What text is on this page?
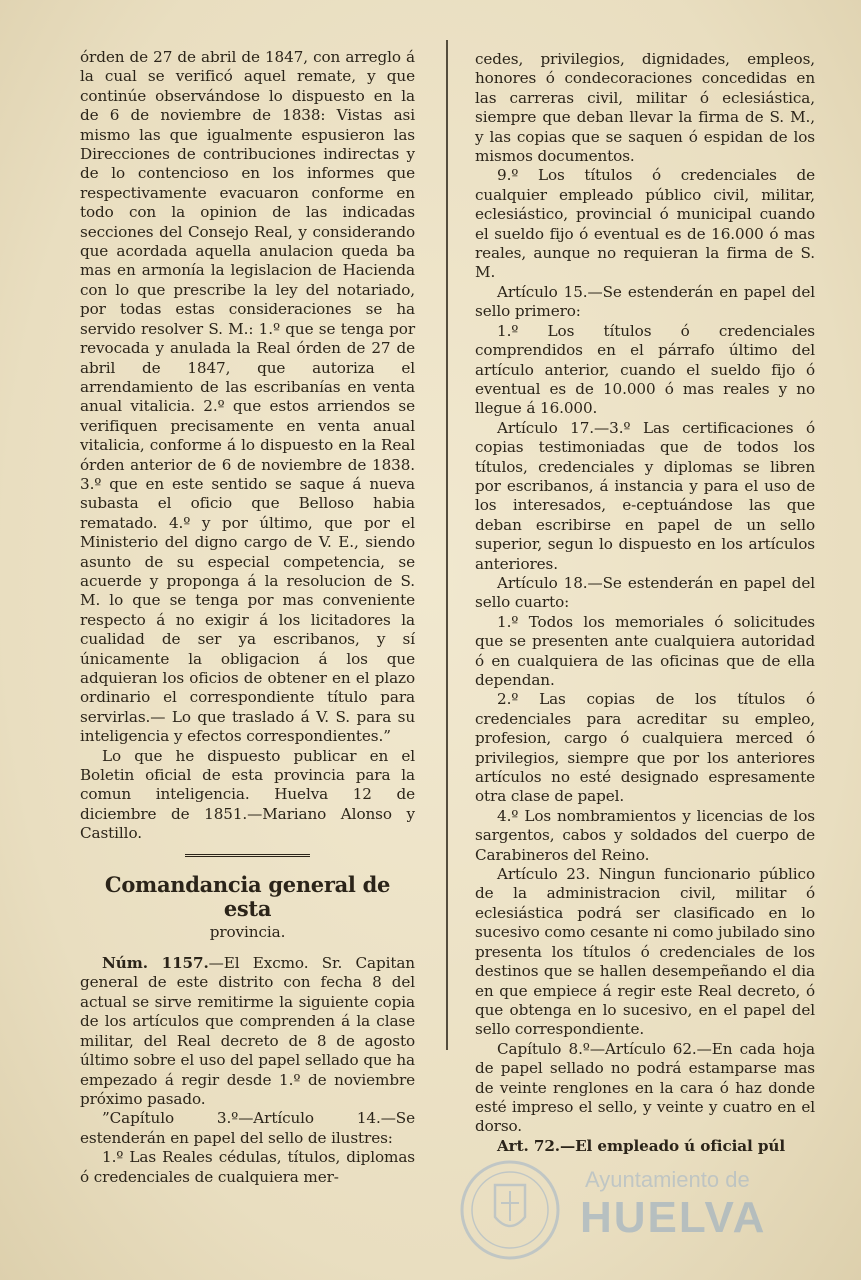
órden de 27 de abril de 1847, con arreglo á la cual se verificó aquel remate, y que continúe observándose lo dispuesto en la de 6 de noviembre de 1838: Vistas asi mismo las que igualmente espusieron las Direcciones de contribuciones indirectas y de lo contencioso en los informes que respectivamente evacuaron conforme en todo con la opinion de las indicadas secciones del Consejo Real, y considerando que acordada aquella anulacion queda ba mas en armonía la legislacion de Hacienda con lo que prescribe la ley del notariado, por todas estas consideraciones se ha servido resolver S. M.: 1.º que se tenga por revocada y anulada la Real órden de 27 de abril de 1847, que autoriza el arrendamiento de las escribanías en venta anual vitalicia. 2.º que estos arriendos se verifiquen precisamente en venta anual vitalicia, conforme á lo dispuesto en la Real órden anterior de 6 de noviembre de 1838. 3.º que en este sentido se saque á nueva subasta el oficio que Belloso habia rematado. 4.º y por último, que por el Ministerio del digno cargo de V. E., siendo asunto de su especial competencia, se acuerde y proponga á la resolucion de S. M. lo que se tenga por mas conveniente respecto á no exigir á los licitadores la cualidad de ser ya escribanos, y sí únicamente la obligacion á los que adquieran los oficios de obtener en el plazo ordinario el correspondiente título para servirlas.— Lo que traslado á V. S. para su inteligencia y efectos correspondientes.”

Lo que he dispuesto publicar en el Boletin oficial de esta provincia para la comun inteligencia. Huelva 12 de diciembre de 1851.—Mariano Alonso y Castillo.

Comandancia general de esta
provincia.

Núm. 1157.—El Excmo. Sr. Capitan general de este distrito con fecha 8 del actual se sirve remitirme la siguiente copia de los artículos que comprenden á la clase militar, del Real decreto de 8 de agosto último sobre el uso del papel sellado que ha empezado á regir desde 1.º de noviembre próximo pasado.

”Capítulo 3.º—Artículo 14.—Se estenderán en papel del sello de ilustres:

1.º Las Reales cédulas, títulos, diplomas ó credenciales de cualquiera mer-

cedes, privilegios, dignidades, empleos, honores ó condecoraciones concedidas en las carreras civil, militar ó eclesiástica, siempre que deban llevar la firma de S. M., y las copias que se saquen ó espidan de los mismos documentos.

9.º Los títulos ó credenciales de cualquier empleado público civil, militar, eclesiástico, provincial ó municipal cuando el sueldo fijo ó eventual es de 16.000 ó mas reales, aunque no requieran la firma de S. M.

Artículo 15.—Se estenderán en papel del sello primero:

1.º Los títulos ó credenciales comprendidos en el párrafo último del artículo anterior, cuando el sueldo fijo ó eventual es de 10.000 ó mas reales y no llegue á 16.000.

Artículo 17.—3.º Las certificaciones ó copias testimoniadas que de todos los títulos, credenciales y diplomas se libren por escribanos, á instancia y para el uso de los interesados, e-ceptuándose las que deban escribirse en papel de un sello superior, segun lo dispuesto en los artículos anteriores.

Artículo 18.—Se estenderán en papel del sello cuarto:

1.º Todos los memoriales ó solicitudes que se presenten ante cualquiera autoridad ó en cualquiera de las oficinas que de ella dependan.

2.º Las copias de los títulos ó credenciales para acreditar su empleo, profesion, cargo ó cualquiera merced ó privilegios, siempre que por los anteriores artículos no esté designado espresamente otra clase de papel.

4.º Los nombramientos y licencias de los sargentos, cabos y soldados del cuerpo de Carabineros del Reino.

Artículo 23. Ningun funcionario público de la administracion civil, militar ó eclesiástica podrá ser clasificado en lo sucesivo como cesante ni como jubilado sino presenta los títulos ó credenciales de los destinos que se hallen desempeñando el dia en que empiece á regir este Real decreto, ó que obtenga en lo sucesivo, en el papel del sello correspondiente.

Capítulo 8.º—Artículo 62.—En cada hoja de papel sellado no podrá estamparse mas de veinte renglones en la cara ó haz donde esté impreso el sello, y veinte y cuatro en el dorso.

Art. 72.—El empleado ú oficial púl

Ayuntamiento de
HUELVA
